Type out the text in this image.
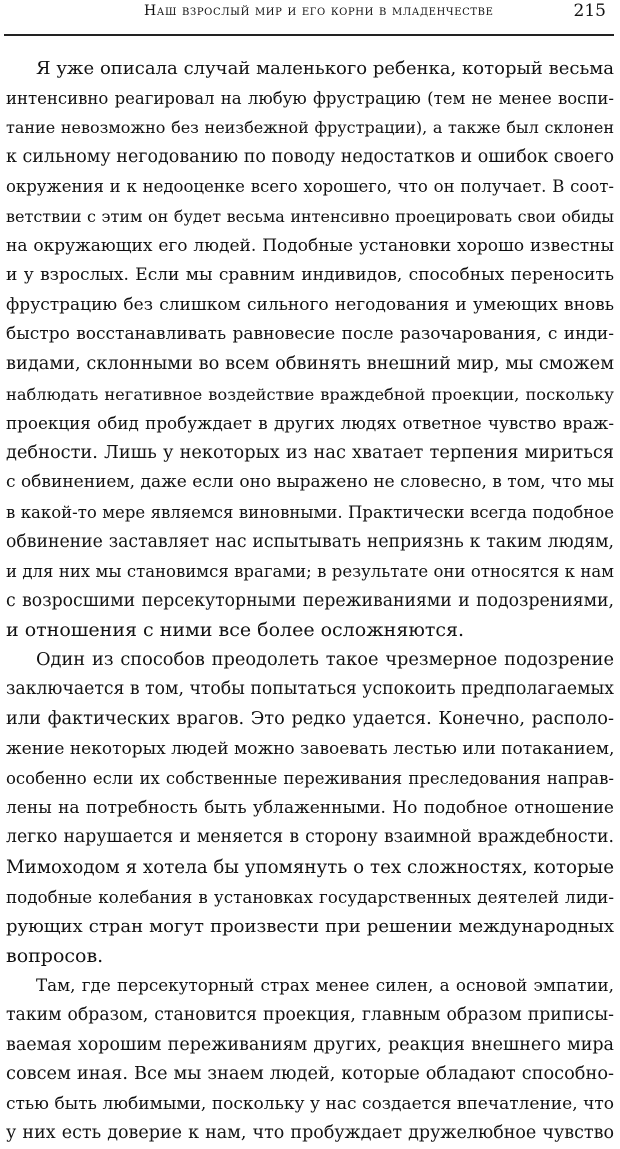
Наш взрослый мир и его корни в младенчестве	215
Я уже описала случай маленького ребенка, который весьма
интенсивно реагировал на любую фрустрацию (тем не менее воспи-
тание невозможно без неизбежной фрустрации), а также был склонен
к сильному негодованию по поводу недостатков и ошибок своего
окружения и к недооценке всего хорошего, что он получает. В соот-
ветствии с этим он будет весьма интенсивно проецировать свои обиды
на окружающих его людей. Подобные установки хорошо известны
и у взрослых. Если мы сравним индивидов, способных переносить
фрустрацию без слишком сильного негодования и умеющих вновь
быстро восстанавливать равновесие после разочарования, с инди-
видами, склонными во всем обвинять внешний мир, мы сможем
наблюдать негативное воздействие враждебной проекции, поскольку
проекция обид пробуждает в других людях ответное чувство враж-
дебности. Лишь у некоторых из нас хватает терпения мириться
с обвинением, даже если оно выражено не словесно, в том, что мы
в какой-то мере являемся виновными. Практически всегда подобное
обвинение заставляет нас испытывать неприязнь к таким людям,
и для них мы становимся врагами; в результате они относятся к нам
с возросшими персекуторными переживаниями и подозрениями,
и отношения с ними все более осложняются.
Один из способов преодолеть такое чрезмерное подозрение
заключается в том, чтобы попытаться успокоить предполагаемых
или фактических врагов. Это редко удается. Конечно, располо-
жение некоторых людей можно завоевать лестью или потаканием,
особенно если их собственные переживания преследования направ-
лены на потребность быть ублаженными. Но подобное отношение
легко нарушается и меняется в сторону взаимной враждебности.
Мимоходом я хотела бы упомянуть о тех сложностях, которые
подобные колебания в установках государственных деятелей лиди-
рующих стран могут произвести при решении международных
вопросов.
Там, где персекуторный страх менее силен, а основой эмпатии,
таким образом, становится проекция, главным образом приписы-
ваемая хорошим переживаниям других, реакция внешнего мира
совсем иная. Все мы знаем людей, которые обладают способно-
стью быть любимыми, поскольку у нас создается впечатление, что
у них есть доверие к нам, что пробуждает дружелюбное чувство
